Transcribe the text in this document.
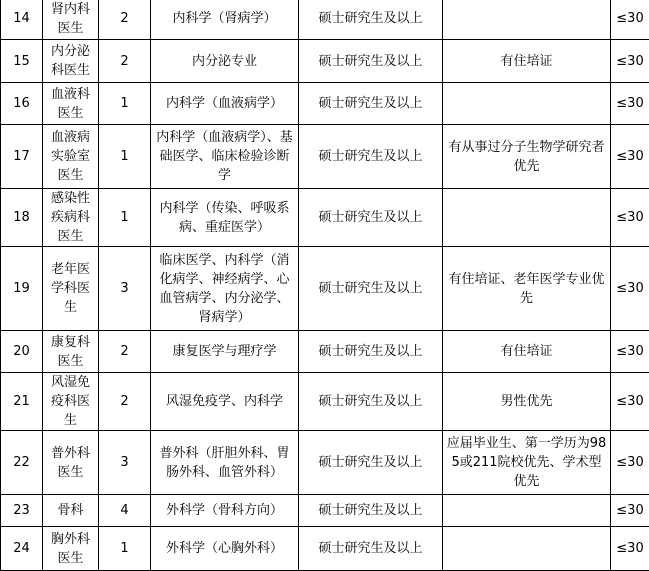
14	肾内科医生	2	内科学（肾病学）	硕士研究生及以上		≤30
15	内分泌科医生	2	内分泌专业	硕士研究生及以上	有住培证	≤30
16	血液科医生	1	内科学（血液病学）	硕士研究生及以上		≤30
17	血液病实验室医生	1	内科学（血液病学）、基础医学、临床检验诊断学	硕士研究生及以上	有从事过分子生物学研究者优先	≤30
18	感染性疾病科医生	1	内科学（传染、呼吸系病、重症医学）	硕士研究生及以上		≤30
19	老年医学科医生	3	临床医学、内科学（消化病学、神经病学、心血管病学、内分泌学、肾病学）	硕士研究生及以上	有住培证、老年医学专业优先	≤30
20	康复科医生	2	康复医学与理疗学	硕士研究生及以上	有住培证	≤30
21	风湿免疫科医生	2	风湿免疫学、内科学	硕士研究生及以上	男性优先	≤30
22	普外科医生	3	普外科（肝胆外科、胃肠外科、血管外科）	硕士研究生及以上	应届毕业生、第一学历为985或211院校优先、学术型优先	≤30
23	骨科	4	外科学（骨科方向）	硕士研究生及以上		≤30
24	胸外科医生	1	外科学（心胸外科）	硕士研究生及以上		≤30
